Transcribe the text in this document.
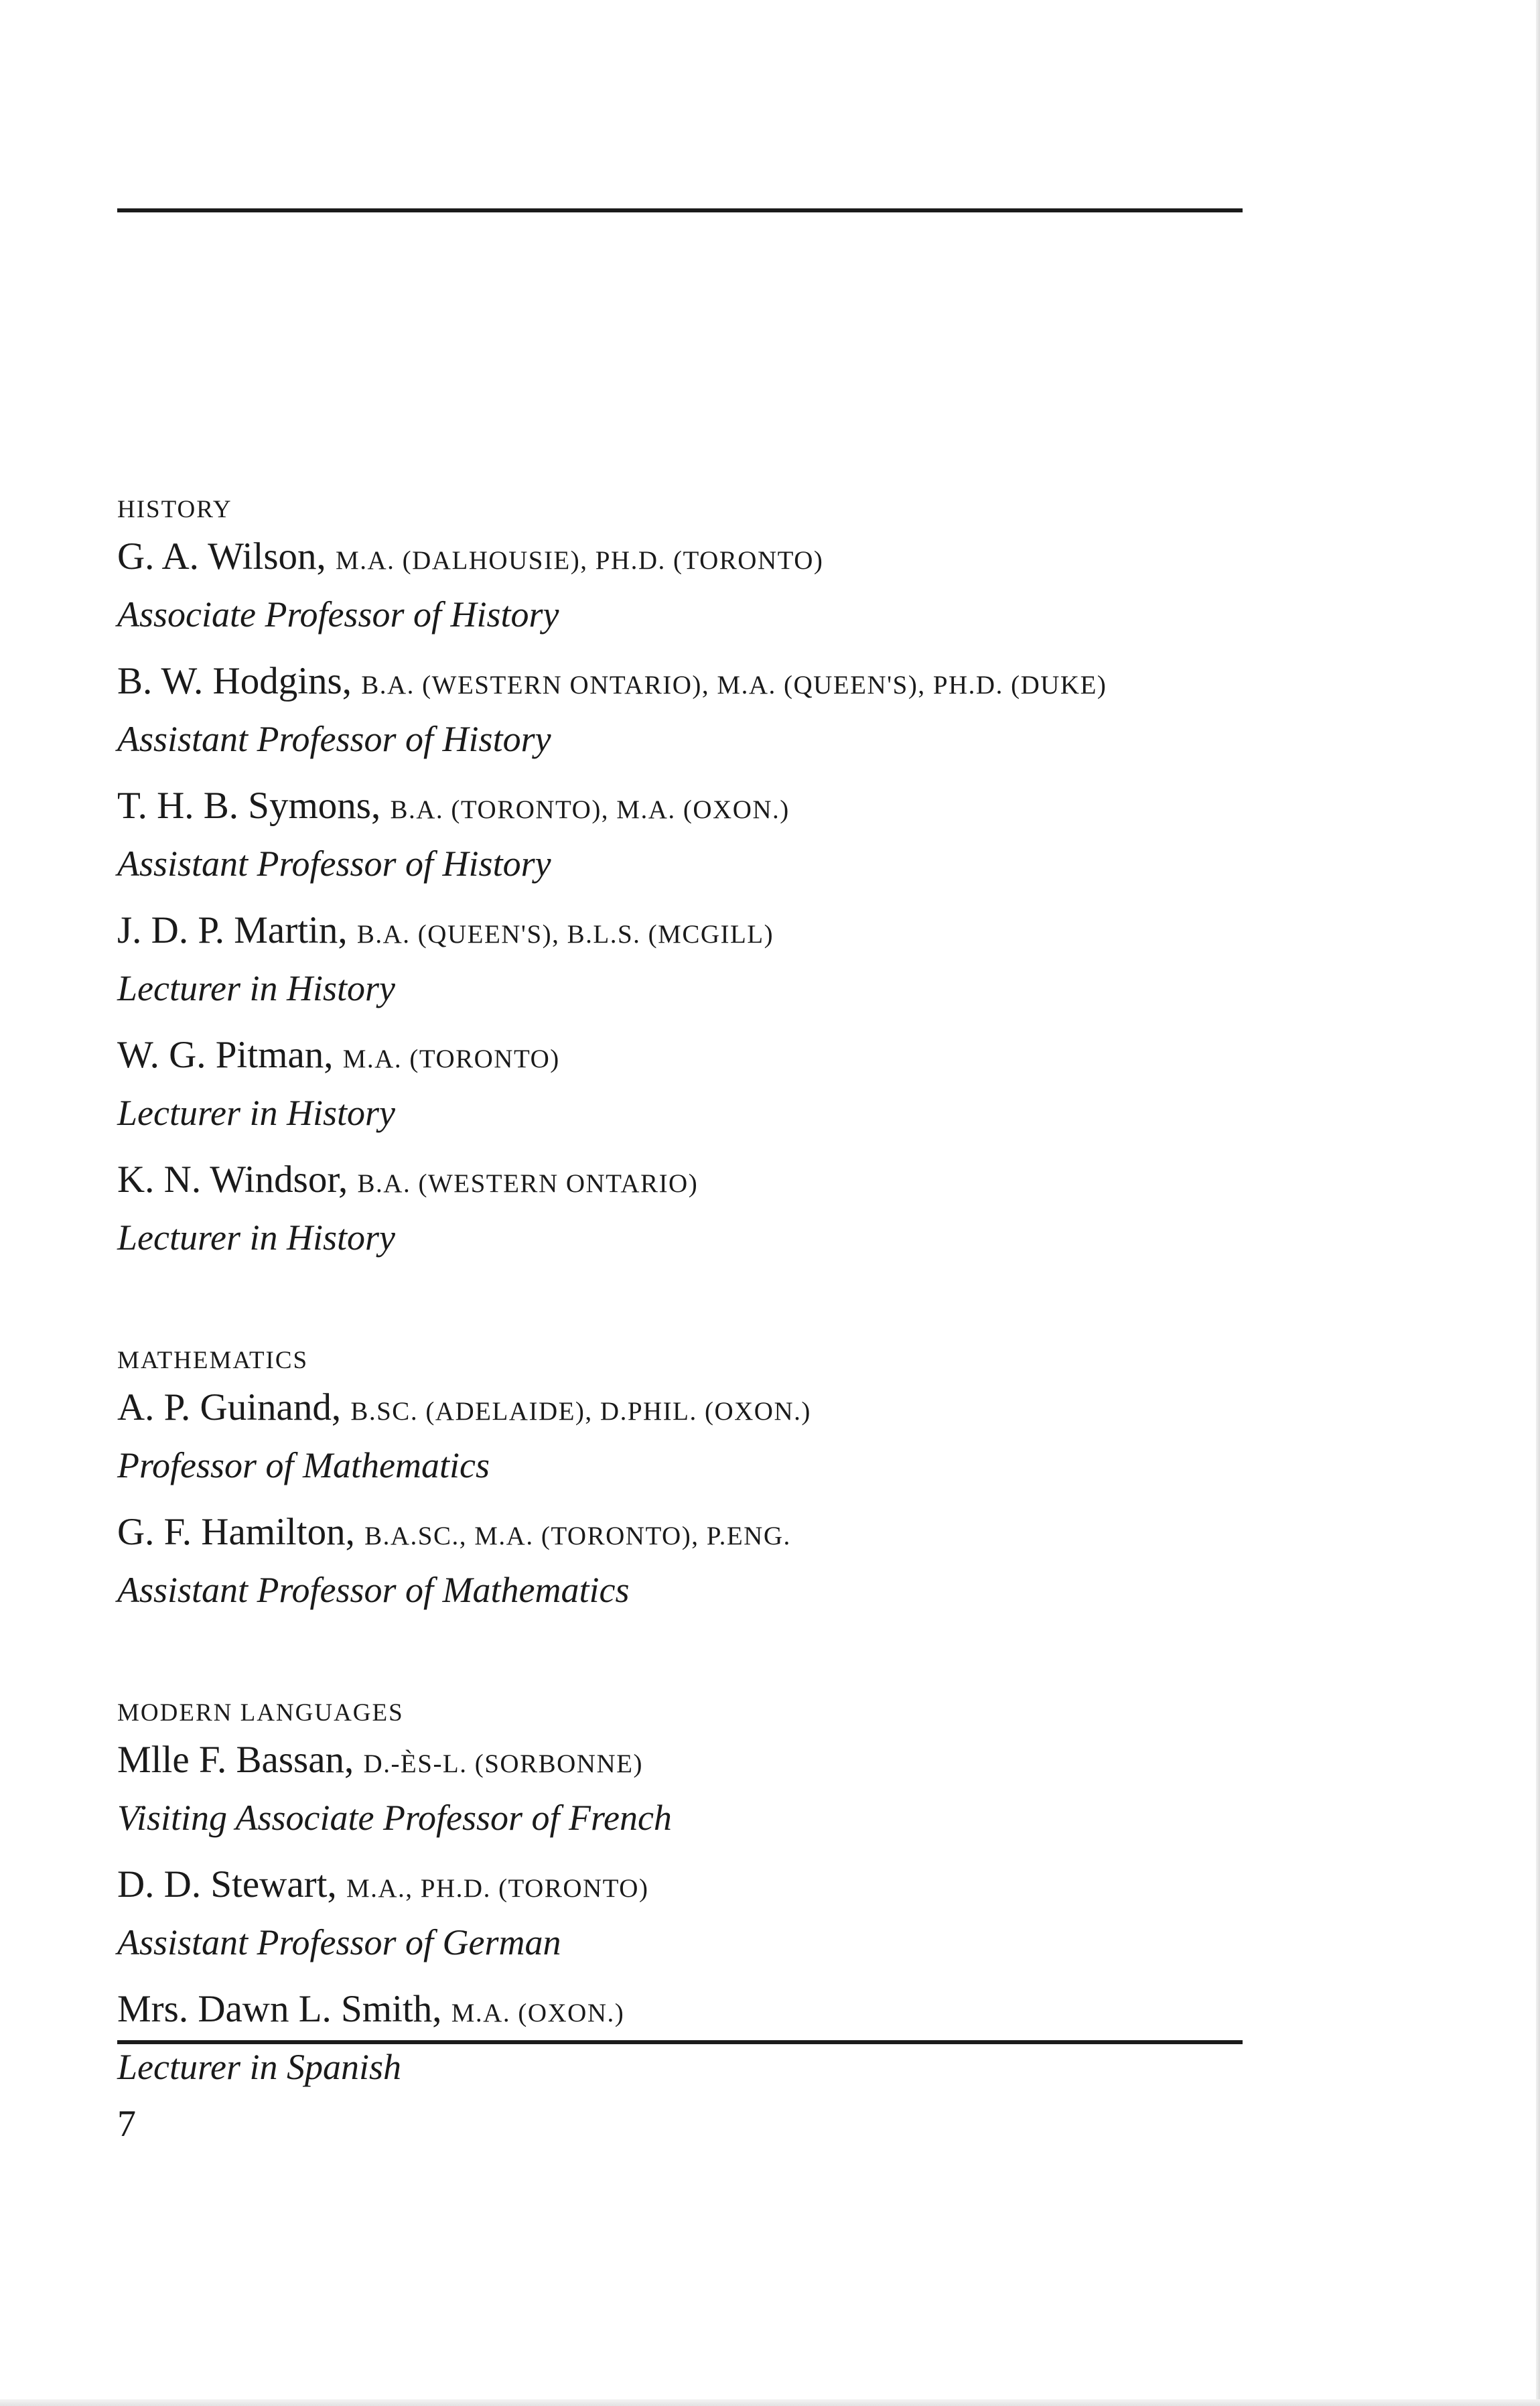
HISTORY
G. A. Wilson, M.A. (DALHOUSIE), PH.D. (TORONTO)
Associate Professor of History
B. W. Hodgins, B.A. (WESTERN ONTARIO), M.A. (QUEEN'S), PH.D. (DUKE)
Assistant Professor of History
T. H. B. Symons, B.A. (TORONTO), M.A. (OXON.)
Assistant Professor of History
J. D. P. Martin, B.A. (QUEEN'S), B.L.S. (MCGILL)
Lecturer in History
W. G. Pitman, M.A. (TORONTO)
Lecturer in History
K. N. Windsor, B.A. (WESTERN ONTARIO)
Lecturer in History
MATHEMATICS
A. P. Guinand, B.SC. (ADELAIDE), D.PHIL. (OXON.)
Professor of Mathematics
G. F. Hamilton, B.A.SC., M.A. (TORONTO), P.ENG.
Assistant Professor of Mathematics
MODERN LANGUAGES
Mlle F. Bassan, D.-ÈS-L. (SORBONNE)
Visiting Associate Professor of French
D. D. Stewart, M.A., PH.D. (TORONTO)
Assistant Professor of German
Mrs. Dawn L. Smith, M.A. (OXON.)
Lecturer in Spanish
7
